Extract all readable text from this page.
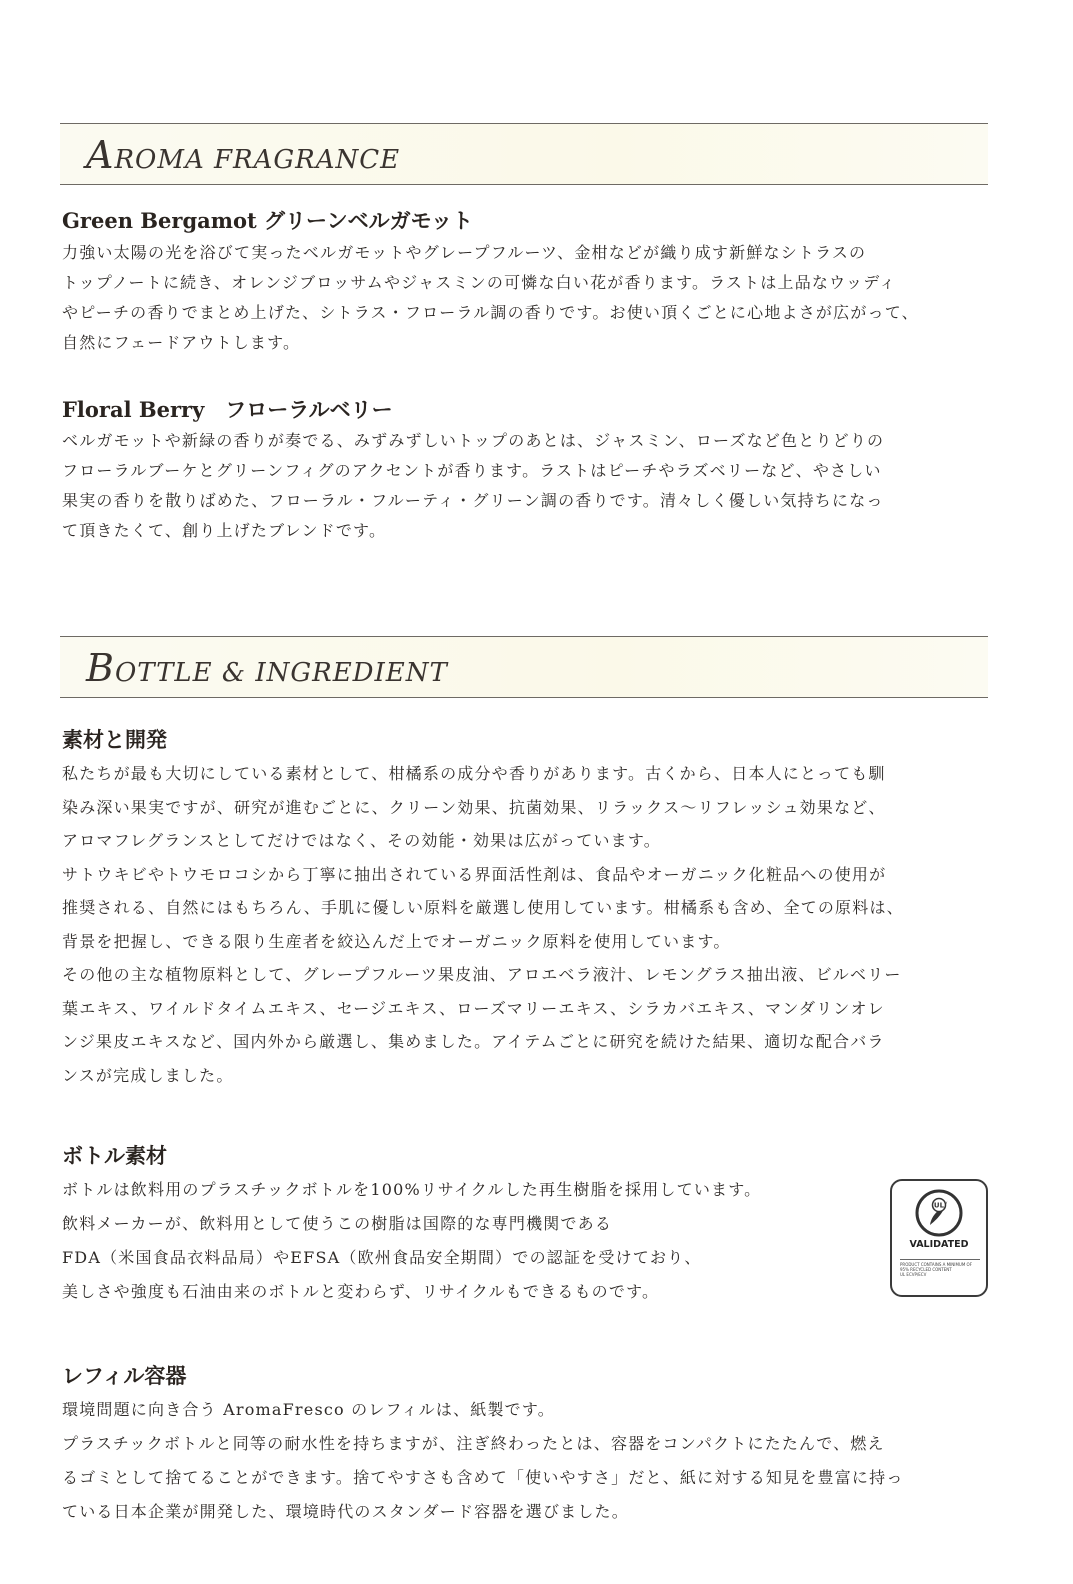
AROMA FRAGRANCE
Green Bergamot グリーンベルガモット

力強い太陽の光を浴びて実ったベルガモットやグレープフルーツ、金柑などが織り成す新鮮なシトラスの
トップノートに続き、オレンジブロッサムやジャスミンの可憐な白い花が香ります。ラストは上品なウッディ
やピーチの香りでまとめ上げた、シトラス・フローラル調の香りです。お使い頂くごとに心地よさが広がって、
自然にフェードアウトします。

Floral Berry　フローラルベリー

ベルガモットや新緑の香りが奏でる、みずみずしいトップのあとは、ジャスミン、ローズなど色とりどりの
フローラルブーケとグリーンフィグのアクセントが香ります。ラストはピーチやラズベリーなど、やさしい
果実の香りを散りばめた、フローラル・フルーティ・グリーン調の香りです。清々しく優しい気持ちになっ
て頂きたくて、創り上げたブレンドです。

BOTTLE & INGREDIENT
素材と開発

私たちが最も大切にしている素材として、柑橘系の成分や香りがあります。古くから、日本人にとっても馴
染み深い果実ですが、研究が進むごとに、クリーン効果、抗菌効果、リラックス～リフレッシュ効果など、
アロマフレグランスとしてだけではなく、その効能・効果は広がっています。
サトウキビやトウモロコシから丁寧に抽出されている界面活性剤は、食品やオーガニック化粧品への使用が
推奨される、自然にはもちろん、手肌に優しい原料を厳選し使用しています。柑橘系も含め、全ての原料は、
背景を把握し、できる限り生産者を絞込んだ上でオーガニック原料を使用しています。
その他の主な植物原料として、グレープフルーツ果皮油、アロエベラ液汁、レモングラス抽出液、ビルベリー
葉エキス、ワイルドタイムエキス、セージエキス、ローズマリーエキス、シラカバエキス、マンダリンオレ
ンジ果皮エキスなど、国内外から厳選し、集めました。アイテムごとに研究を続けた結果、適切な配合バラ
ンスが完成しました。

ボトル素材

ボトルは飲料用のプラスチックボトルを100%リサイクルした再生樹脂を採用しています。
飲料メーカーが、飲料用として使うこの樹脂は国際的な専門機関である
FDA（米国食品衣料品局）やEFSA（欧州食品安全期間）での認証を受けており、
美しさや強度も石油由来のボトルと変わらず、リサイクルもできるものです。

UL
VALIDATED
PRODUCT CONTAINS A MINIMUM OF 95% RECYCLED CONTENT
UL ECVP/ECV
レフィル容器

環境問題に向き合う AromaFresco のレフィルは、紙製です。
プラスチックボトルと同等の耐水性を持ちますが、注ぎ終わったとは、容器をコンパクトにたたんで、燃え
るゴミとして捨てることができます。捨てやすさも含めて「使いやすさ」だと、紙に対する知見を豊富に持っ
ている日本企業が開発した、環境時代のスタンダード容器を選びました。
